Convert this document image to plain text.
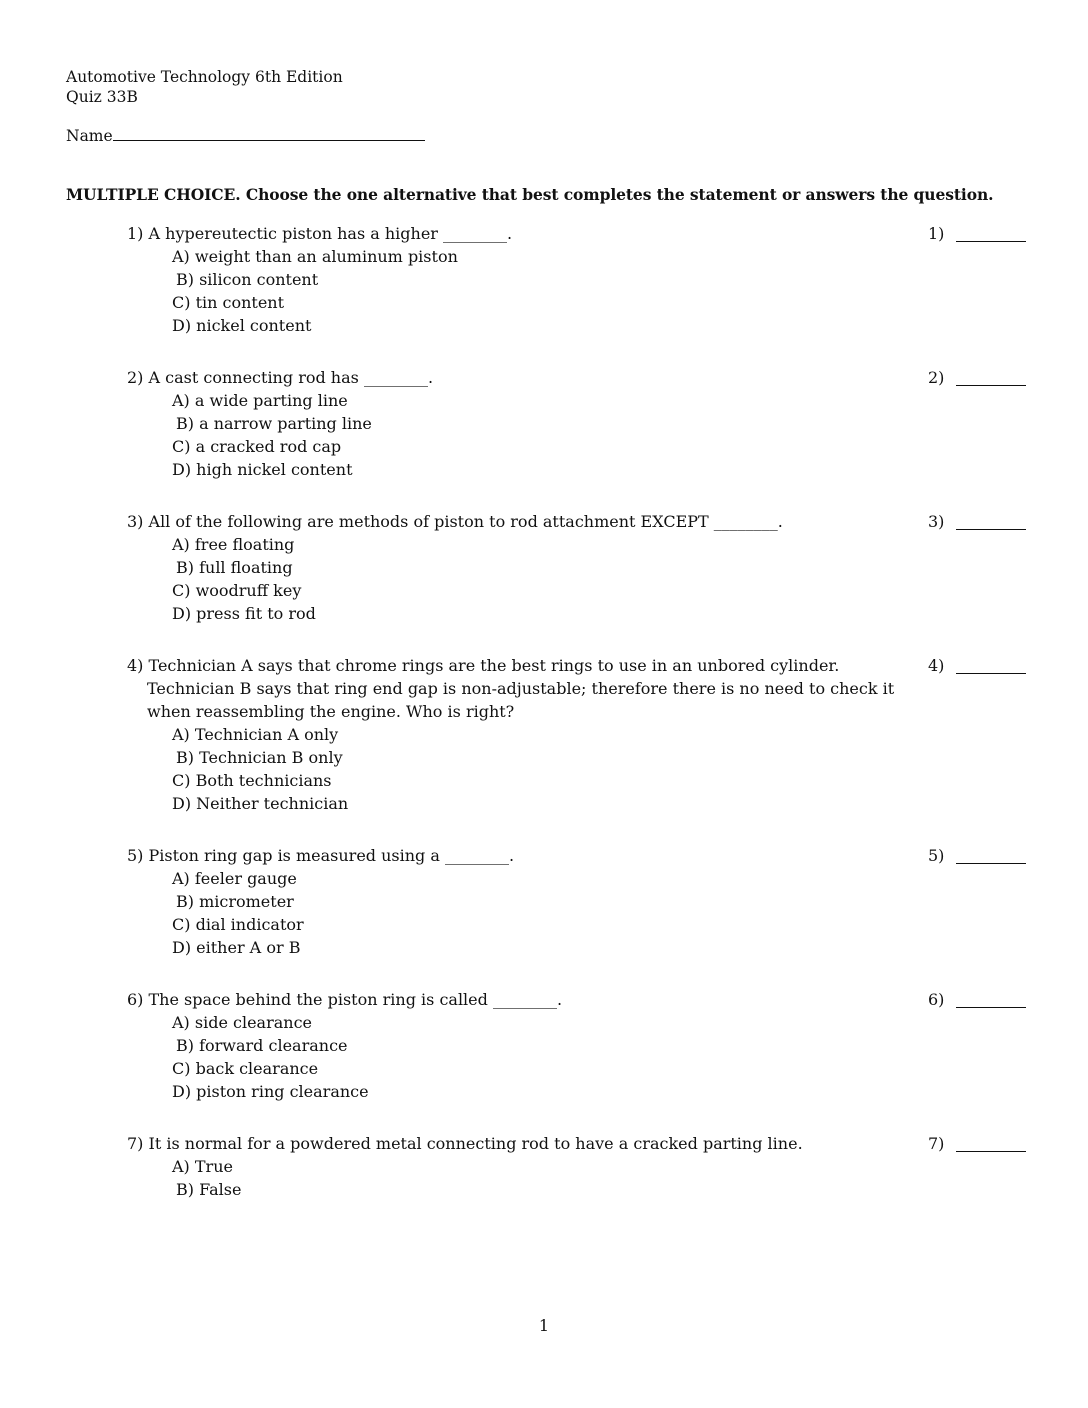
Automotive Technology 6th Edition
Quiz 33B
Name
MULTIPLE CHOICE. Choose the one alternative that best completes the statement or answers the question.
1) A hypereutectic piston has a higher ________.
A) weight than an aluminum piston
B) silicon content
C) tin content
D) nickel content
1)
2) A cast connecting rod has ________.
A) a wide parting line
B) a narrow parting line
C) a cracked rod cap
D) high nickel content
2)
3) All of the following are methods of piston to rod attachment EXCEPT ________.
A) free floating
B) full floating
C) woodruff key
D) press fit to rod
3)
4) Technician A says that chrome rings are the best rings to use in an unbored cylinder. Technician B says that ring end gap is non-adjustable; therefore there is no need to check it when reassembling the engine. Who is right?
A) Technician A only
B) Technician B only
C) Both technicians
D) Neither technician
4)
5) Piston ring gap is measured using a ________.
A) feeler gauge
B) micrometer
C) dial indicator
D) either A or B
5)
6) The space behind the piston ring is called ________.
A) side clearance
B) forward clearance
C) back clearance
D) piston ring clearance
6)
7) It is normal for a powdered metal connecting rod to have a cracked parting line.
A) True
B) False
7)
1
